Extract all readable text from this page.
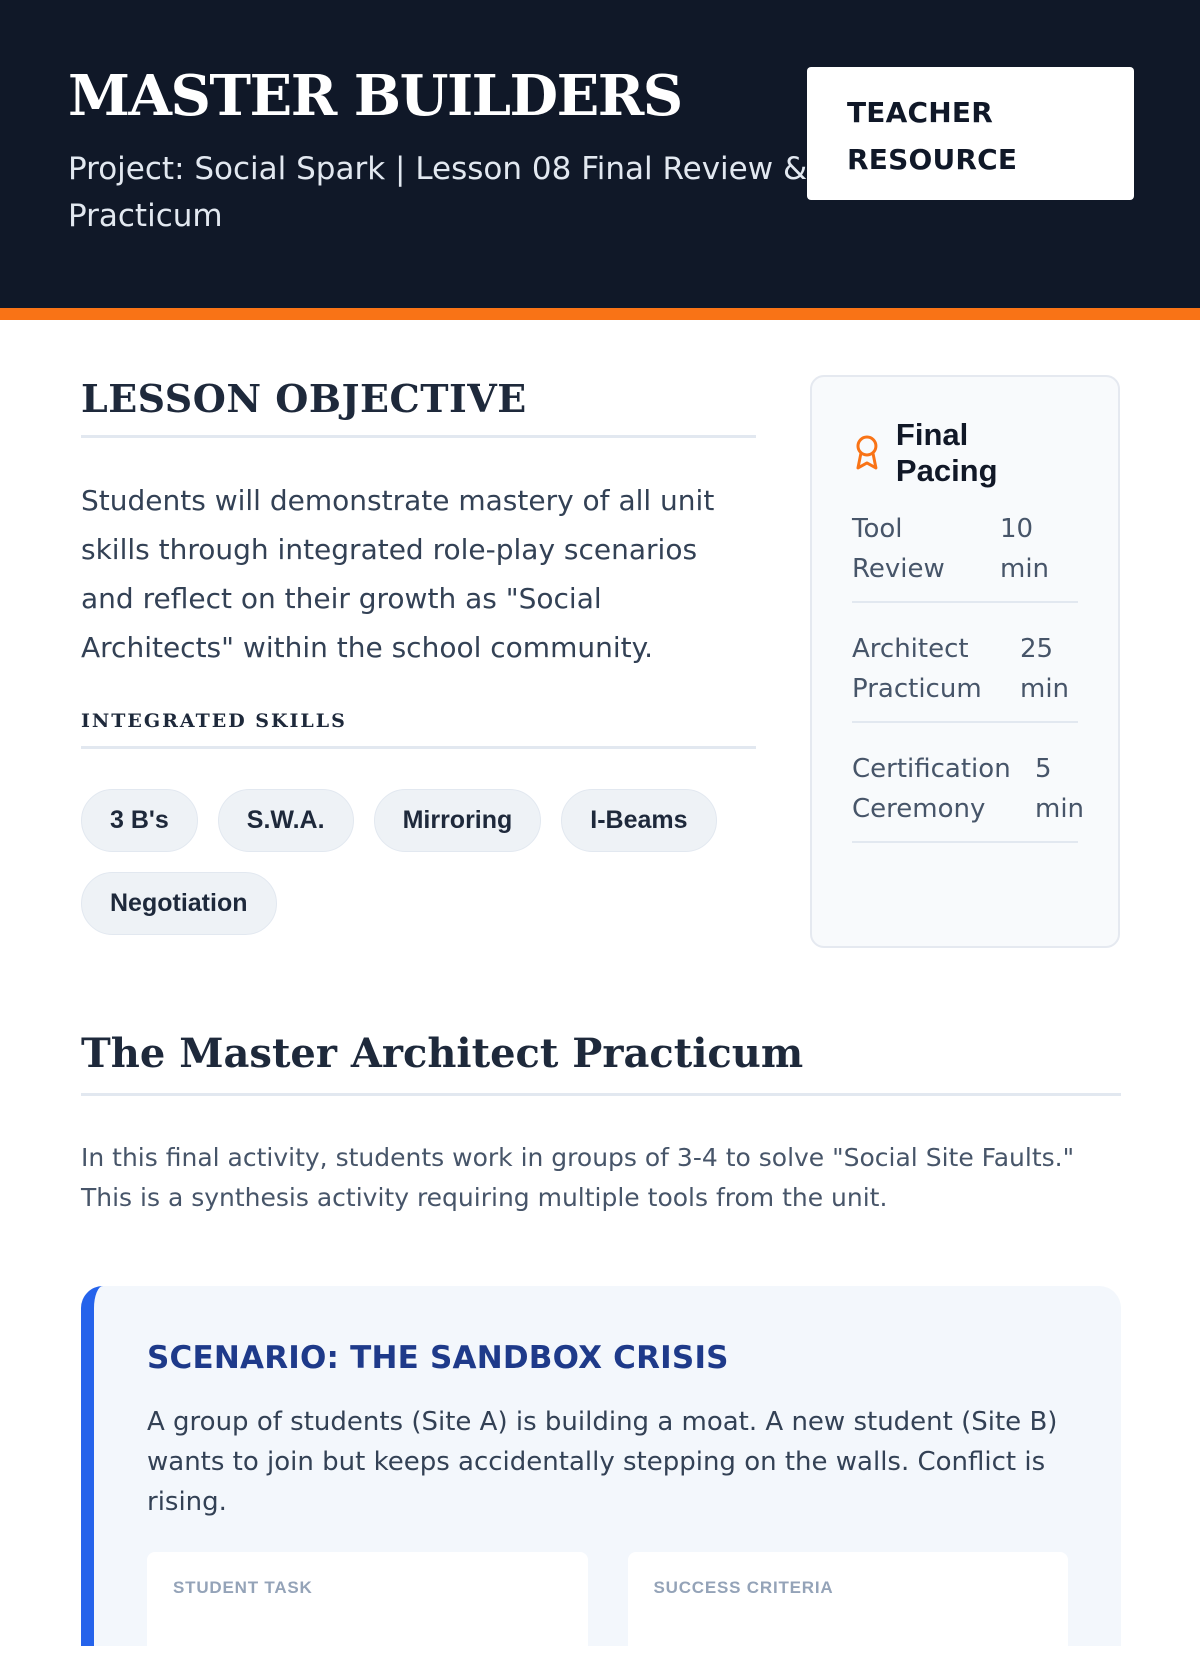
MASTER BUILDERS
Project: Social Spark | Lesson 08 Final Review & Practicum
TEACHER RESOURCE
LESSON OBJECTIVE

Students will demonstrate mastery of all unit skills through integrated role-play scenarios and reflect on their growth as "Social Architects" within the school community.

INTEGRATED SKILLS
3 B's	S.W.A.	Mirroring	I-Beams
Negotiation
Final Pacing
Tool Review
10 min
Architect Practicum
25 min
Certification Ceremony
5 min
The Master Architect Practicum

In this final activity, students work in groups of 3-4 to solve "Social Site Faults." This is a synthesis activity requiring multiple tools from the unit.

SCENARIO: THE SANDBOX CRISIS

A group of students (Site A) is building a moat. A new student (Site B) wants to join but keeps accidentally stepping on the walls. Conflict is rising.

STUDENT TASK	SUCCESS CRITERIA
